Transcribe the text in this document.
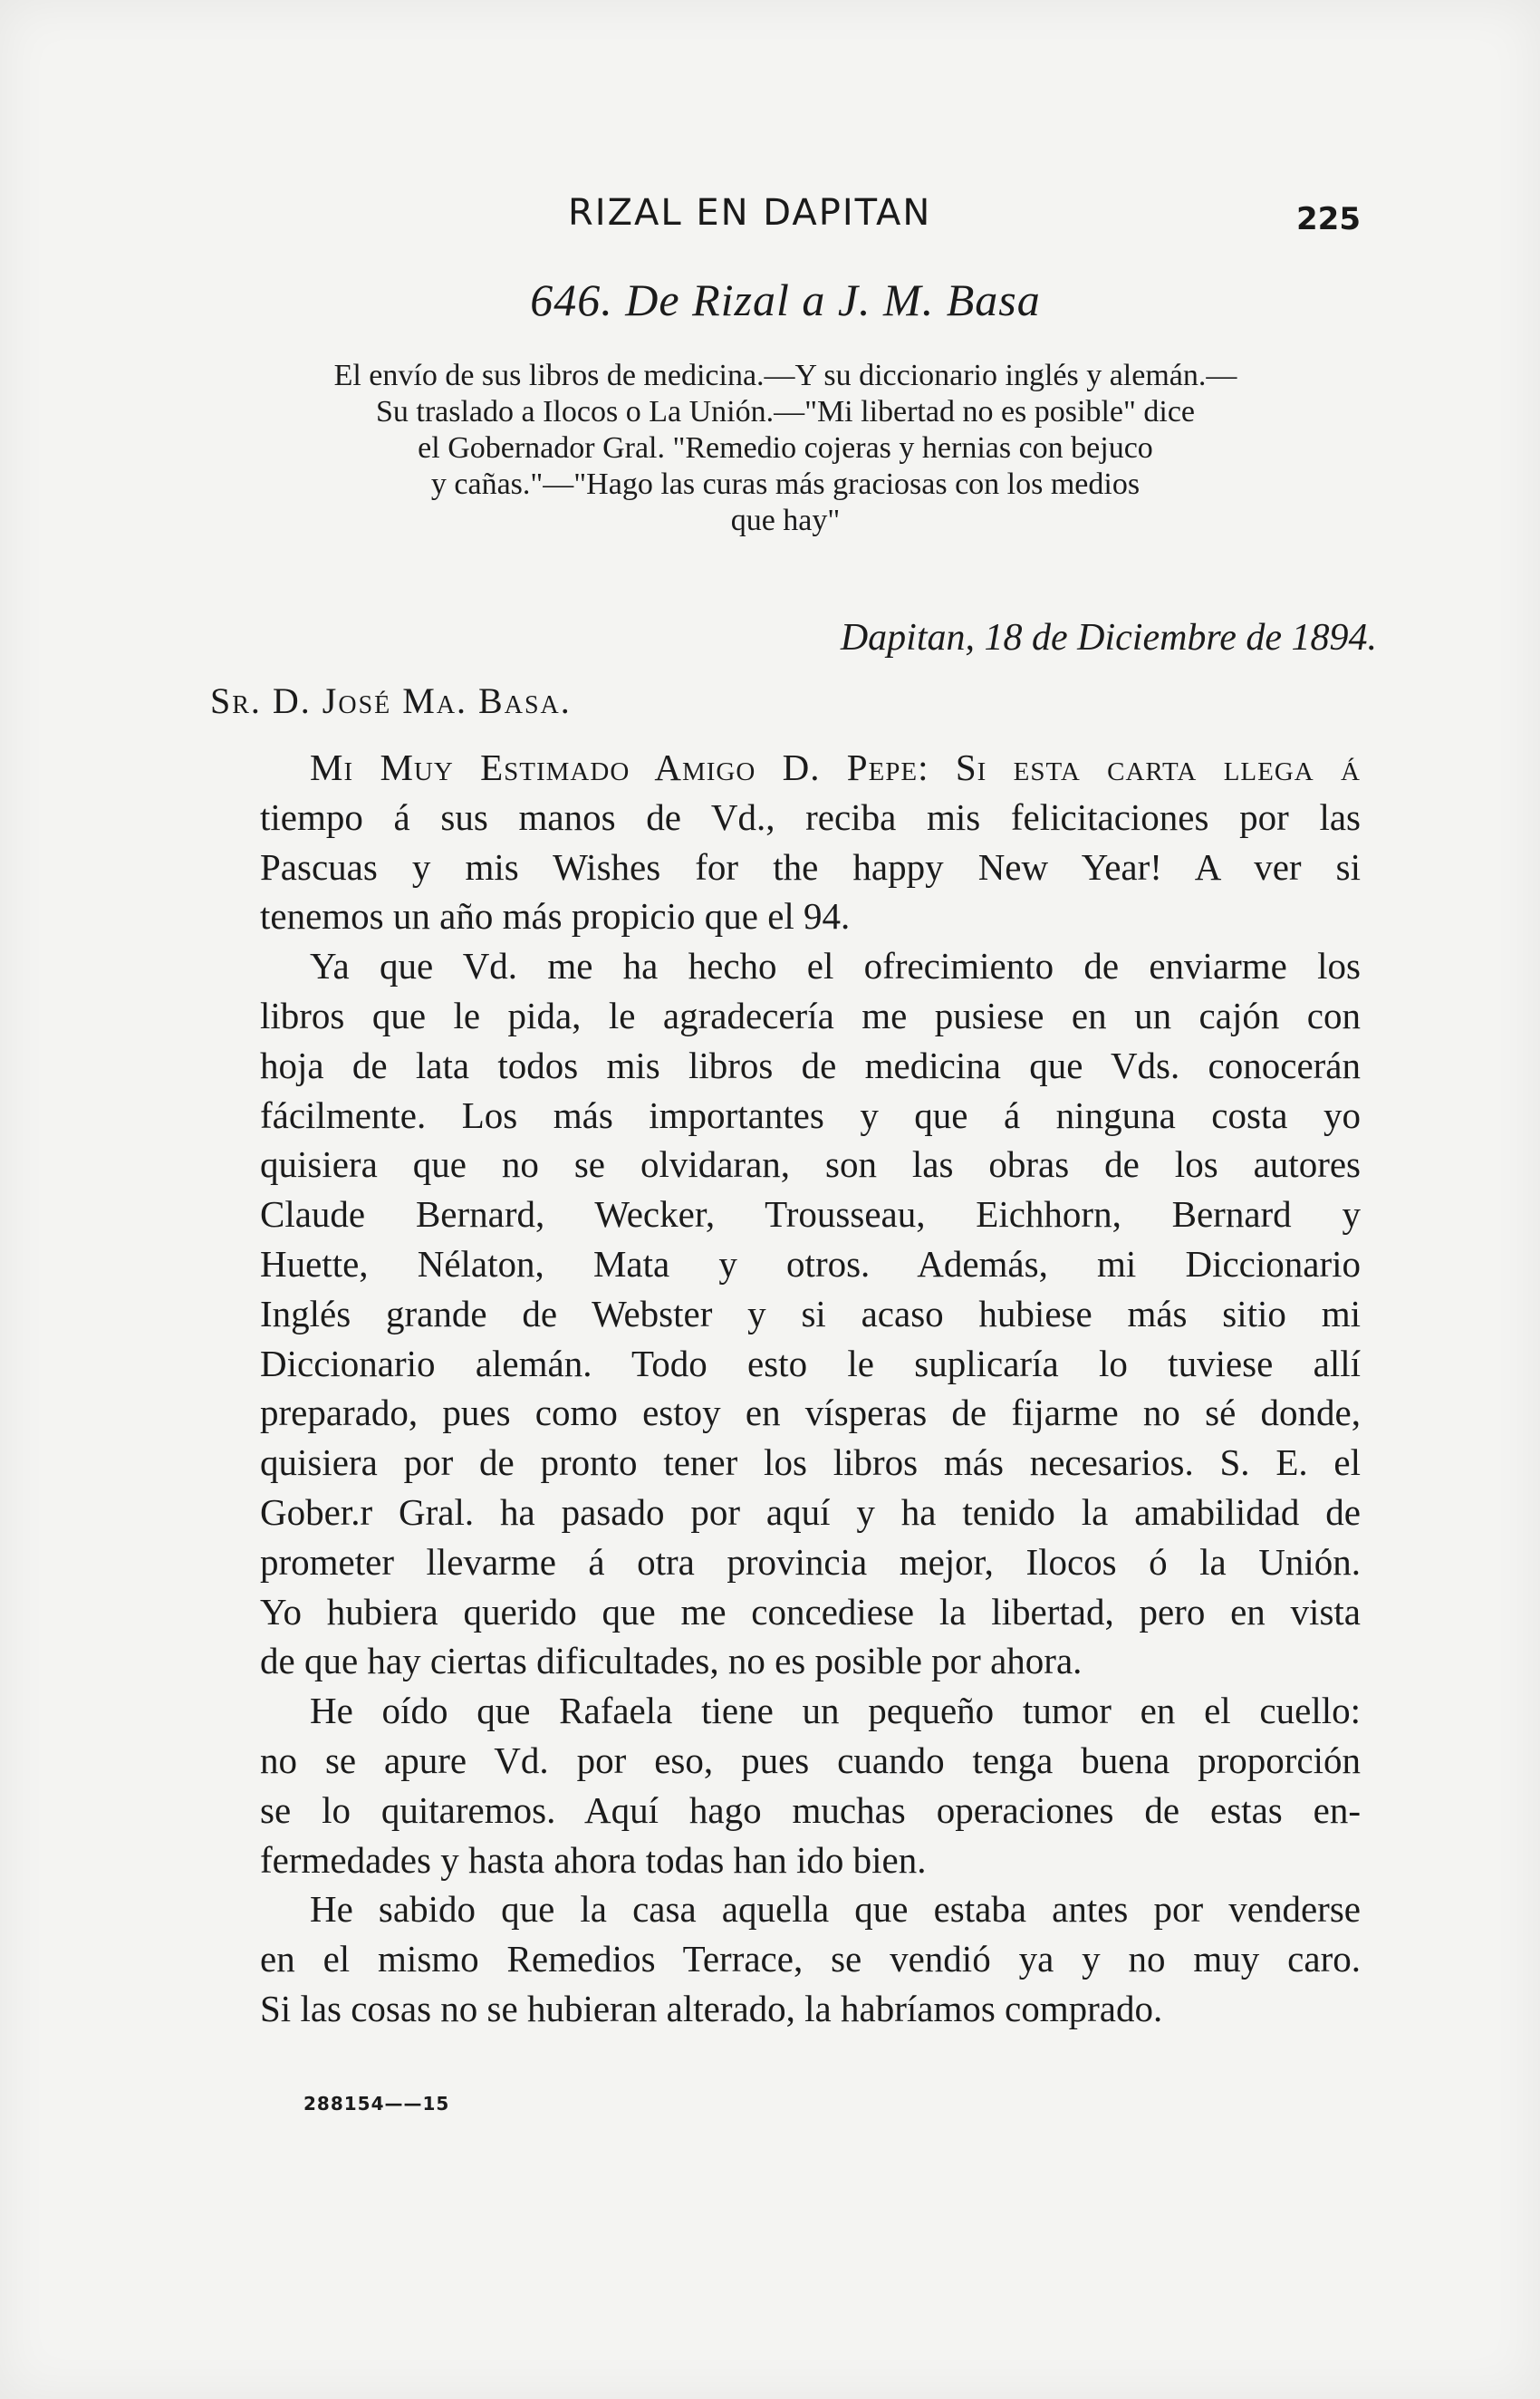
RIZAL EN DAPITAN	225
646. De Rizal a J. M. Basa
El envío de sus libros de medicina.—Y su diccionario inglés y alemán.—
Su traslado a Ilocos o La Unión.—"Mi libertad no es posible" dice
el Gobernador Gral. "Remedio cojeras y hernias con bejuco
y cañas."—"Hago las curas más graciosas con los medios
que hay"
Dapitan, 18 de Diciembre de 1894.
Sr. D. José Ma. Basa.

Mi Muy Estimado Amigo D. Pepe: Si esta carta llega á
tiempo á sus manos de Vd., reciba mis felicitaciones por las
Pascuas y mis Wishes for the happy New Year! A ver si
tenemos un año más propicio que el 94.

Ya que Vd. me ha hecho el ofrecimiento de enviarme los
libros que le pida, le agradecería me pusiese en un cajón con
hoja de lata todos mis libros de medicina que Vds. conocerán
fácilmente. Los más importantes y que á ninguna costa yo
quisiera que no se olvidaran, son las obras de los autores
Claude Bernard, Wecker, Trousseau, Eichhorn, Bernard y
Huette, Nélaton, Mata y otros. Además, mi Diccionario
Inglés grande de Webster y si acaso hubiese más sitio mi
Diccionario alemán. Todo esto le suplicaría lo tuviese allí
preparado, pues como estoy en vísperas de fijarme no sé donde,
quisiera por de pronto tener los libros más necesarios. S. E. el
Gober.r Gral. ha pasado por aquí y ha tenido la amabilidad de
prometer llevarme á otra provincia mejor, Ilocos ó la Unión.
Yo hubiera querido que me concediese la libertad, pero en vista
de que hay ciertas dificultades, no es posible por ahora.

He oído que Rafaela tiene un pequeño tumor en el cuello:
no se apure Vd. por eso, pues cuando tenga buena proporción
se lo quitaremos. Aquí hago muchas operaciones de estas en-
fermedades y hasta ahora todas han ido bien.

He sabido que la casa aquella que estaba antes por venderse
en el mismo Remedios Terrace, se vendió ya y no muy caro.
Si las cosas no se hubieran alterado, la habríamos comprado.

288154——15
